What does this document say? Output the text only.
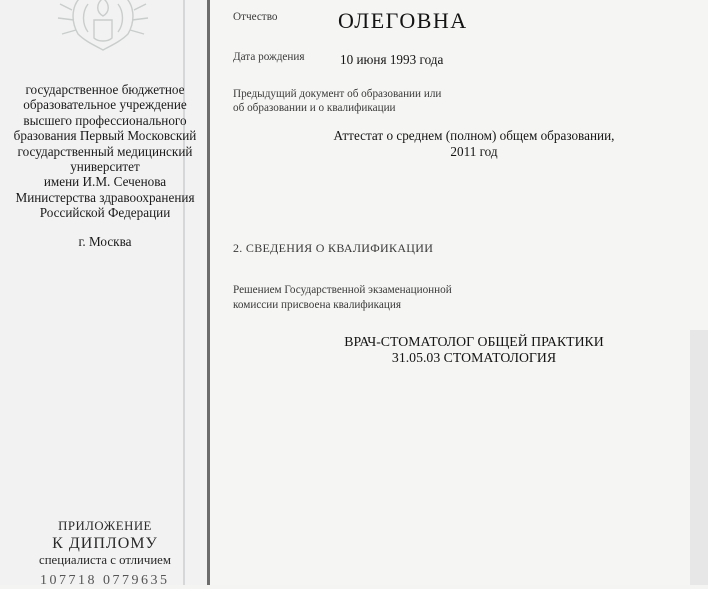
государственное бюджетное
образовательное учреждение
высшего профессионального
бразования Первый Московский
государственный медицинский
университет
имени И.М. Сеченова
Министерства здравоохранения
Российской Федерации
г. Москва
ПРИЛОЖЕНИЕ
К ДИПЛОМУ
специалиста с отличием
107718 0779635
Отчество	ОЛЕГОВНА
Дата рождения	10 июня 1993 года
Предыдущий документ об образовании или
об образовании и о квалификации
Аттестат о среднем (полном) общем образовании,
2011 год
2. СВЕДЕНИЯ О КВАЛИФИКАЦИИ
Решением Государственной экзаменационной
комиссии присвоена квалификация
ВРАЧ-СТОМАТОЛОГ ОБЩЕЙ ПРАКТИКИ
31.05.03 СТОМАТОЛОГИЯ
